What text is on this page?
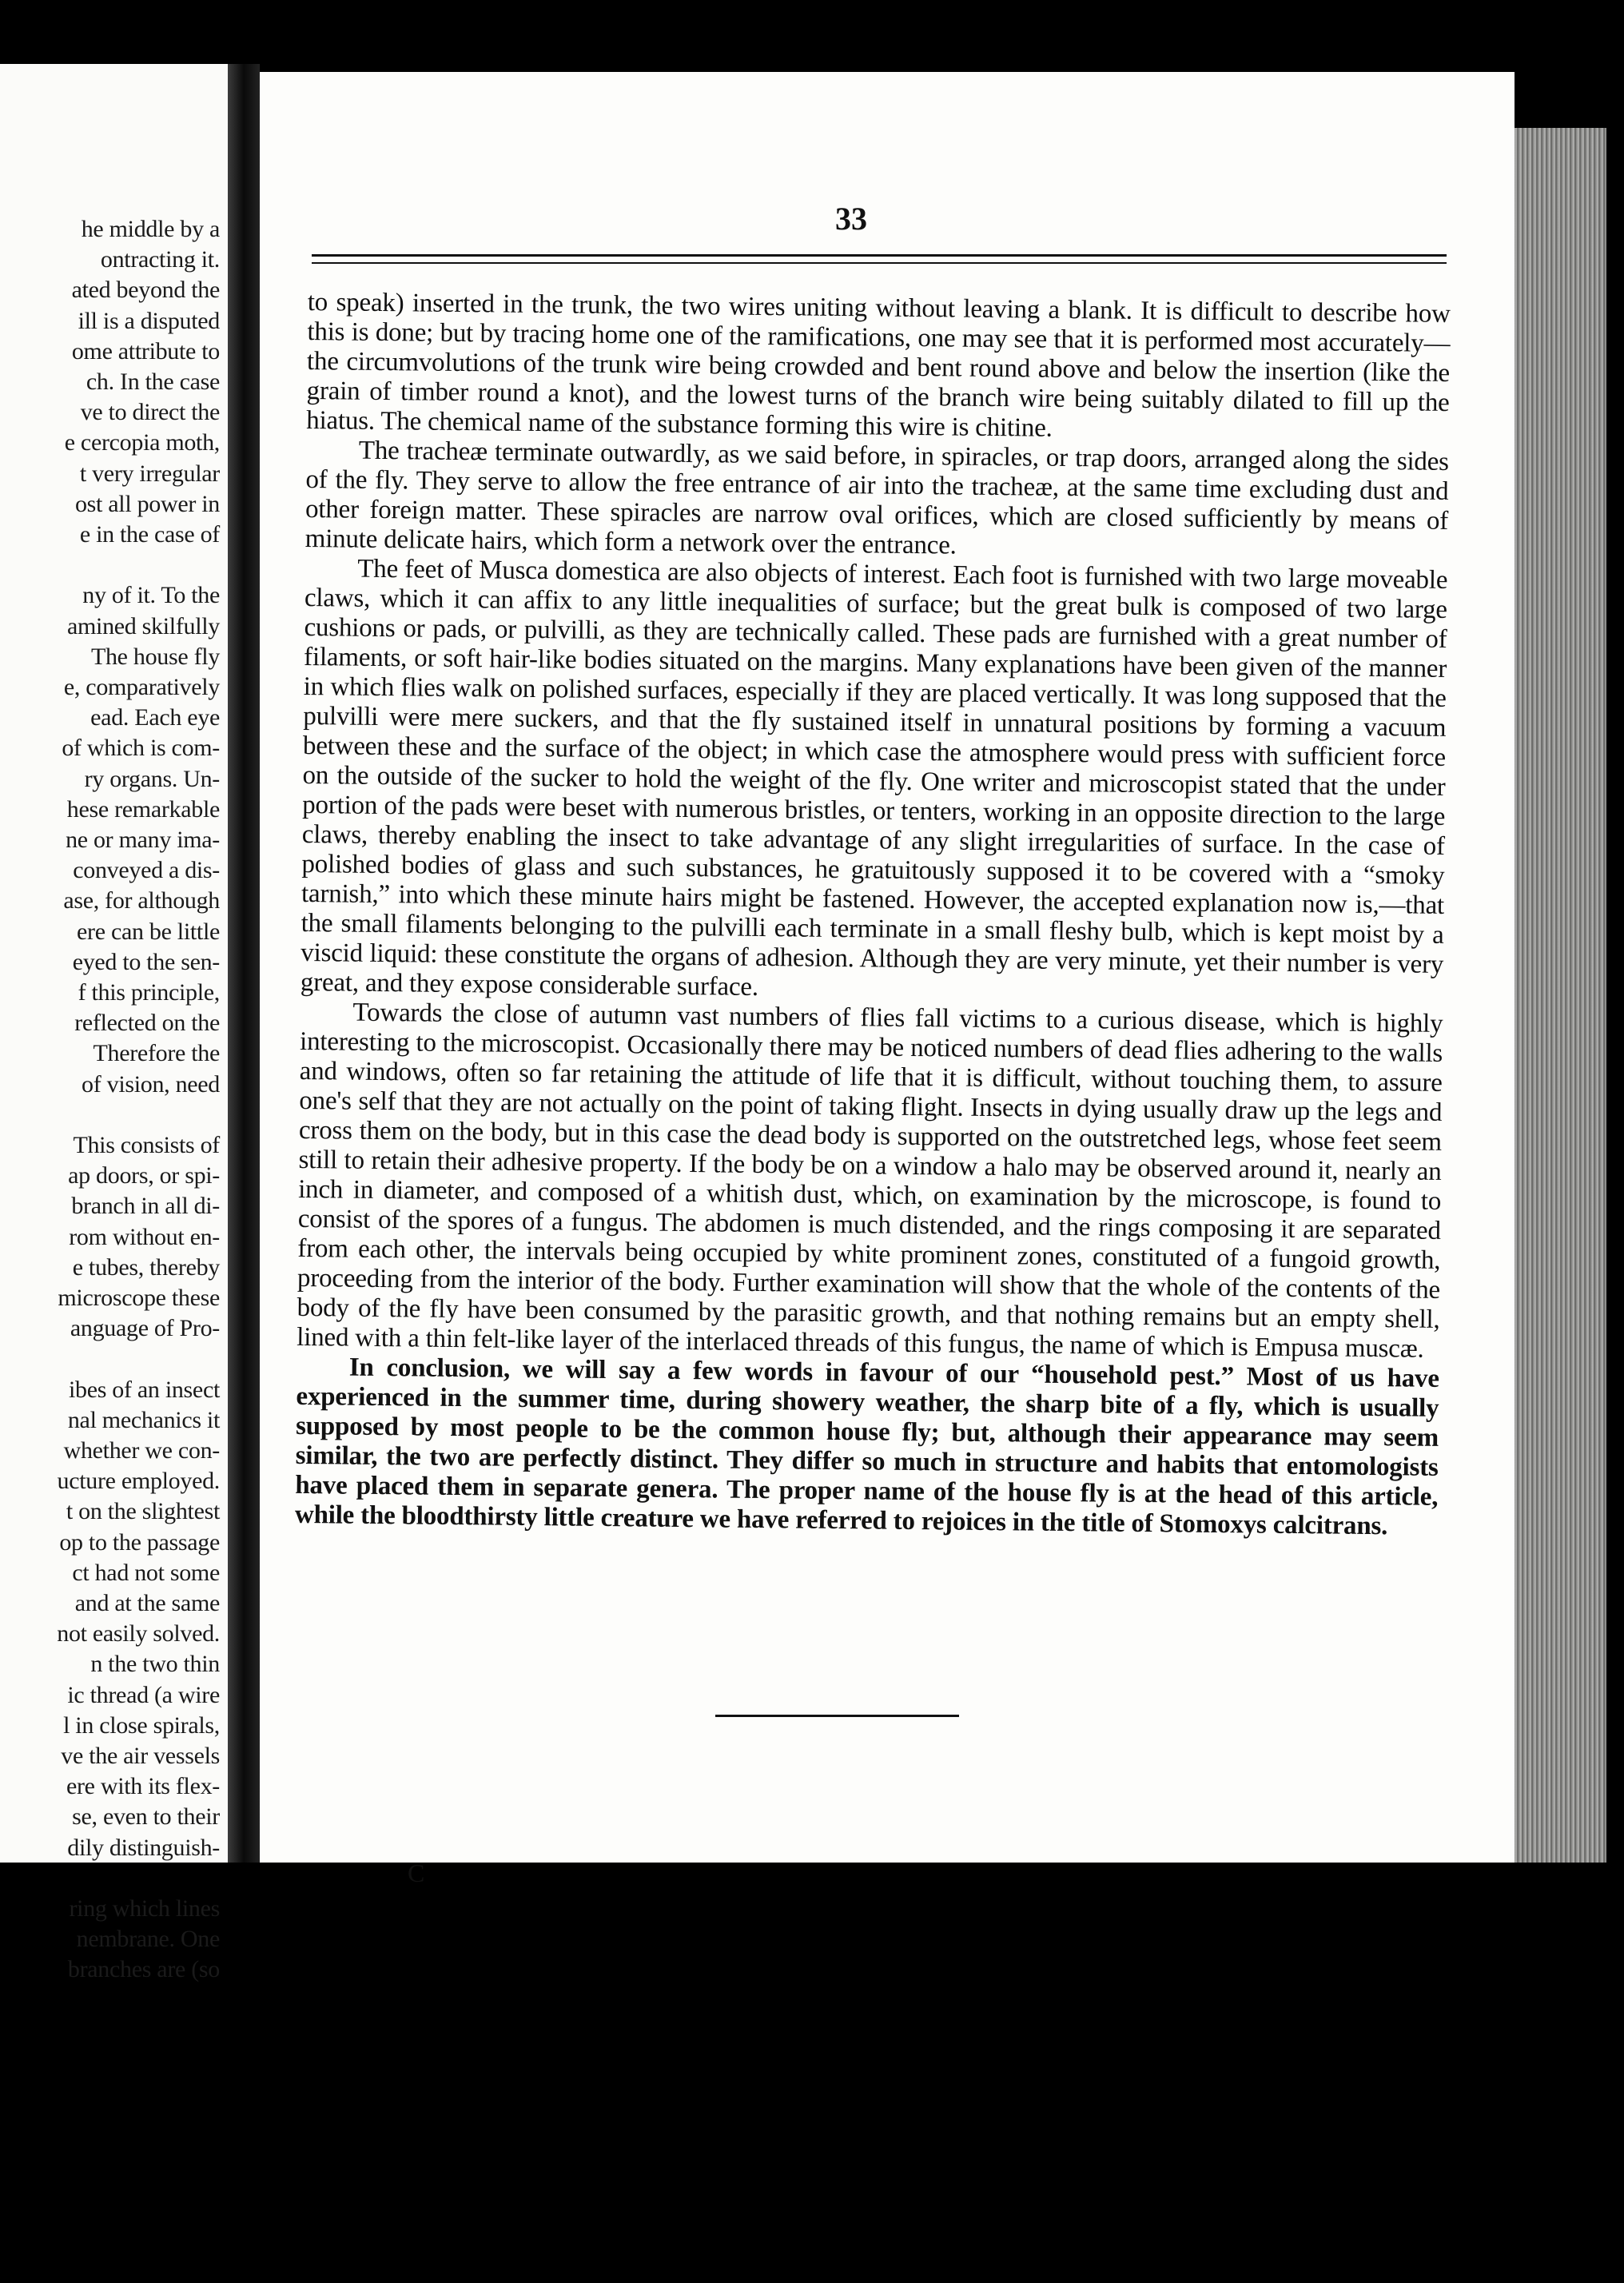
he middle by a
ontracting it.
ated beyond the
ill is a disputed
ome attribute to
ch. In the case
ve to direct the
e cercopia moth,
t very irregular
ost all power in
e in the case of
ny of it. To the
amined skilfully
The house fly
e, comparatively
ead. Each eye
of which is com-
ry organs. Un-
hese remarkable
ne or many ima-
conveyed a dis-
ase, for although
ere can be little
eyed to the sen-
f this principle,
reflected on the
Therefore the
of vision, need
This consists of
ap doors, or spi-
branch in all di-
rom without en-
e tubes, thereby
microscope these
anguage of Pro-
ibes of an insect
nal mechanics it
whether we con-
ucture employed.
t on the slightest
op to the passage
ct had not some
and at the same
not easily solved.
n the two thin
ic thread (a wire
l in close spirals,
ve the air vessels
ere with its flex-
se, even to their
dily distinguish-
ring which lines
nembrane. One
branches are (so
33

to speak) inserted in the trunk, the two wires uniting without leaving a blank. It is difficult to describe how this is done; but by tracing home one of the ramifications, one may see that it is performed most accurately—the circumvolutions of the trunk wire being crowded and bent round above and below the insertion (like the grain of timber round a knot), and the lowest turns of the branch wire being suitably dilated to fill up the hiatus. The chemical name of the substance forming this wire is chitine.

The tracheæ terminate outwardly, as we said before, in spiracles, or trap doors, arranged along the sides of the fly. They serve to allow the free entrance of air into the tracheæ, at the same time excluding dust and other foreign matter. These spiracles are narrow oval orifices, which are closed sufficiently by means of minute delicate hairs, which form a network over the entrance.

The feet of Musca domestica are also objects of interest. Each foot is furnished with two large moveable claws, which it can affix to any little inequalities of surface; but the great bulk is composed of two large cushions or pads, or pulvilli, as they are technically called. These pads are furnished with a great number of filaments, or soft hair-like bodies situated on the margins. Many explanations have been given of the manner in which flies walk on polished surfaces, especially if they are placed vertically. It was long supposed that the pulvilli were mere suckers, and that the fly sustained itself in unnatural positions by forming a vacuum between these and the surface of the object; in which case the atmosphere would press with sufficient force on the outside of the sucker to hold the weight of the fly. One writer and microscopist stated that the under portion of the pads were beset with numerous bristles, or tenters, working in an opposite direction to the large claws, thereby enabling the insect to take advantage of any slight irregularities of surface. In the case of polished bodies of glass and such substances, he gratuitously supposed it to be covered with a “smoky tarnish,” into which these minute hairs might be fastened. However, the accepted explanation now is,—that the small filaments belonging to the pulvilli each terminate in a small fleshy bulb, which is kept moist by a viscid liquid: these constitute the organs of adhesion. Although they are very minute, yet their number is very great, and they expose considerable surface.

Towards the close of autumn vast numbers of flies fall victims to a curious disease, which is highly interesting to the microscopist. Occasionally there may be noticed numbers of dead flies adhering to the walls and windows, often so far retaining the attitude of life that it is difficult, without touching them, to assure one's self that they are not actually on the point of taking flight. Insects in dying usually draw up the legs and cross them on the body, but in this case the dead body is supported on the outstretched legs, whose feet seem still to retain their adhesive property. If the body be on a window a halo may be observed around it, nearly an inch in diameter, and composed of a whitish dust, which, on examination by the microscope, is found to consist of the spores of a fungus. The abdomen is much distended, and the rings composing it are separated from each other, the intervals being occupied by white prominent zones, constituted of a fungoid growth, proceeding from the interior of the body. Further examination will show that the whole of the contents of the body of the fly have been consumed by the parasitic growth, and that nothing remains but an empty shell, lined with a thin felt-like layer of the interlaced threads of this fungus, the name of which is Empusa muscæ.

In conclusion, we will say a few words in favour of our “household pest.” Most of us have experienced in the summer time, during showery weather, the sharp bite of a fly, which is usually supposed by most people to be the common house fly; but, although their appearance may seem similar, the two are perfectly distinct. They differ so much in structure and habits that entomologists have placed them in separate genera. The proper name of the house fly is at the head of this article, while the bloodthirsty little creature we have referred to rejoices in the title of Stomoxys calcitrans.

C
